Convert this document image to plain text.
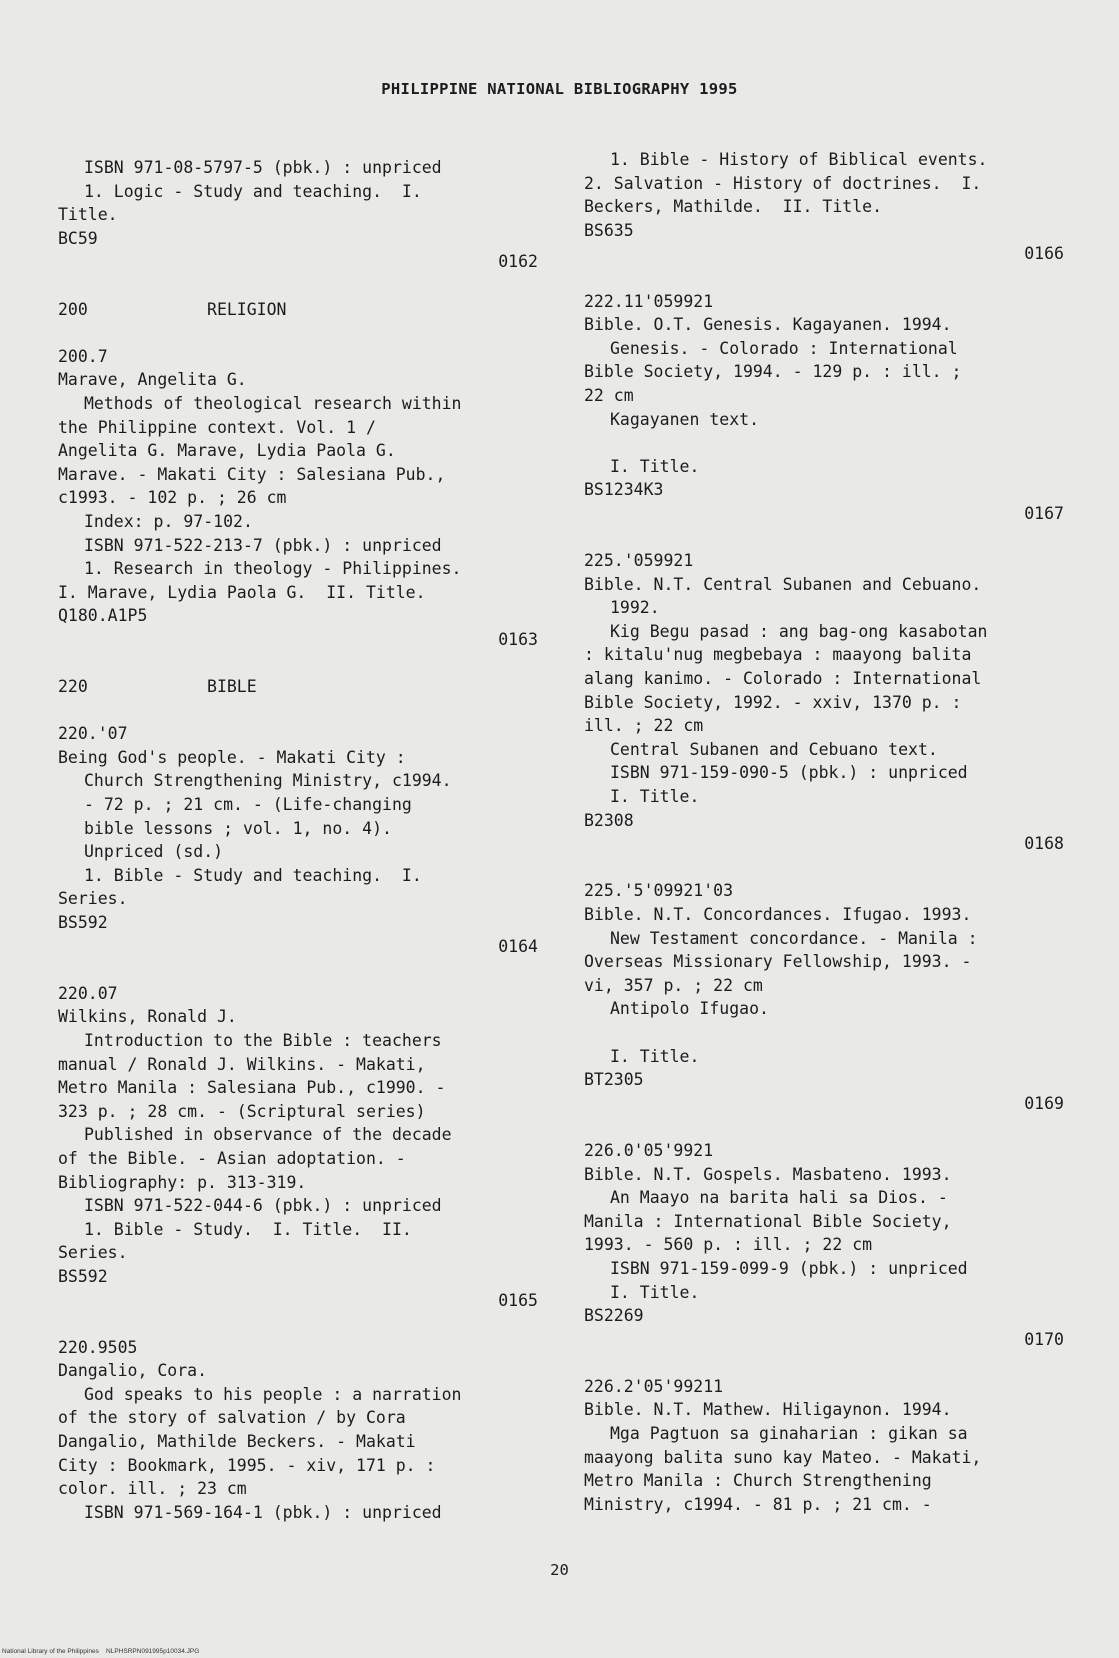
PHILIPPINE NATIONAL BIBLIOGRAPHY 1995
ISBN 971-08-5797-5 (pbk.) : unpriced
1. Logic - Study and teaching.  I.
Title.
BC59
0162
200            RELIGION
200.7
Marave, Angelita G.
Methods of theological research within
the Philippine context. Vol. 1 /
Angelita G. Marave, Lydia Paola G.
Marave. - Makati City : Salesiana Pub.,
c1993. - 102 p. ; 26 cm
Index: p. 97-102.
ISBN 971-522-213-7 (pbk.) : unpriced
1. Research in theology - Philippines.
I. Marave, Lydia Paola G.  II. Title.
Q180.A1P5
0163
220            BIBLE
220.'07
Being God's people. - Makati City :
Church Strengthening Ministry, c1994.
- 72 p. ; 21 cm. - (Life-changing
bible lessons ; vol. 1, no. 4).
Unpriced (sd.)
1. Bible - Study and teaching.  I.
Series.
BS592
0164
220.07
Wilkins, Ronald J.
Introduction to the Bible : teachers
manual / Ronald J. Wilkins. - Makati,
Metro Manila : Salesiana Pub., c1990. -
323 p. ; 28 cm. - (Scriptural series)
Published in observance of the decade
of the Bible. - Asian adoptation. -
Bibliography: p. 313-319.
ISBN 971-522-044-6 (pbk.) : unpriced
1. Bible - Study.  I. Title.  II.
Series.
BS592
0165
220.9505
Dangalio, Cora.
God speaks to his people : a narration
of the story of salvation / by Cora
Dangalio, Mathilde Beckers. - Makati
City : Bookmark, 1995. - xiv, 171 p. :
color. ill. ; 23 cm
ISBN 971-569-164-1 (pbk.) : unpriced
1. Bible - History of Biblical events.
2. Salvation - History of doctrines.  I.
Beckers, Mathilde.  II. Title.
BS635
0166
222.11'059921
Bible. O.T. Genesis. Kagayanen. 1994.
Genesis. - Colorado : International
Bible Society, 1994. - 129 p. : ill. ;
22 cm
Kagayanen text.
I. Title.
BS1234K3
0167
225.'059921
Bible. N.T. Central Subanen and Cebuano.
1992.
Kig Begu pasad : ang bag-ong kasabotan
: kitalu'nug megbebaya : maayong balita
alang kanimo. - Colorado : International
Bible Society, 1992. - xxiv, 1370 p. :
ill. ; 22 cm
Central Subanen and Cebuano text.
ISBN 971-159-090-5 (pbk.) : unpriced
I. Title.
B2308
0168
225.'5'09921'03
Bible. N.T. Concordances. Ifugao. 1993.
New Testament concordance. - Manila :
Overseas Missionary Fellowship, 1993. -
vi, 357 p. ; 22 cm
Antipolo Ifugao.
I. Title.
BT2305
0169
226.0'05'9921
Bible. N.T. Gospels. Masbateno. 1993.
An Maayo na barita hali sa Dios. -
Manila : International Bible Society,
1993. - 560 p. : ill. ; 22 cm
ISBN 971-159-099-9 (pbk.) : unpriced
I. Title.
BS2269
0170
226.2'05'99211
Bible. N.T. Mathew. Hiligaynon. 1994.
Mga Pagtuon sa ginaharian : gikan sa
maayong balita suno kay Mateo. - Makati,
Metro Manila : Church Strengthening
Ministry, c1994. - 81 p. ; 21 cm. -
20
National Library of the Philippines    NLPHSRPN091995p10034.JPG
